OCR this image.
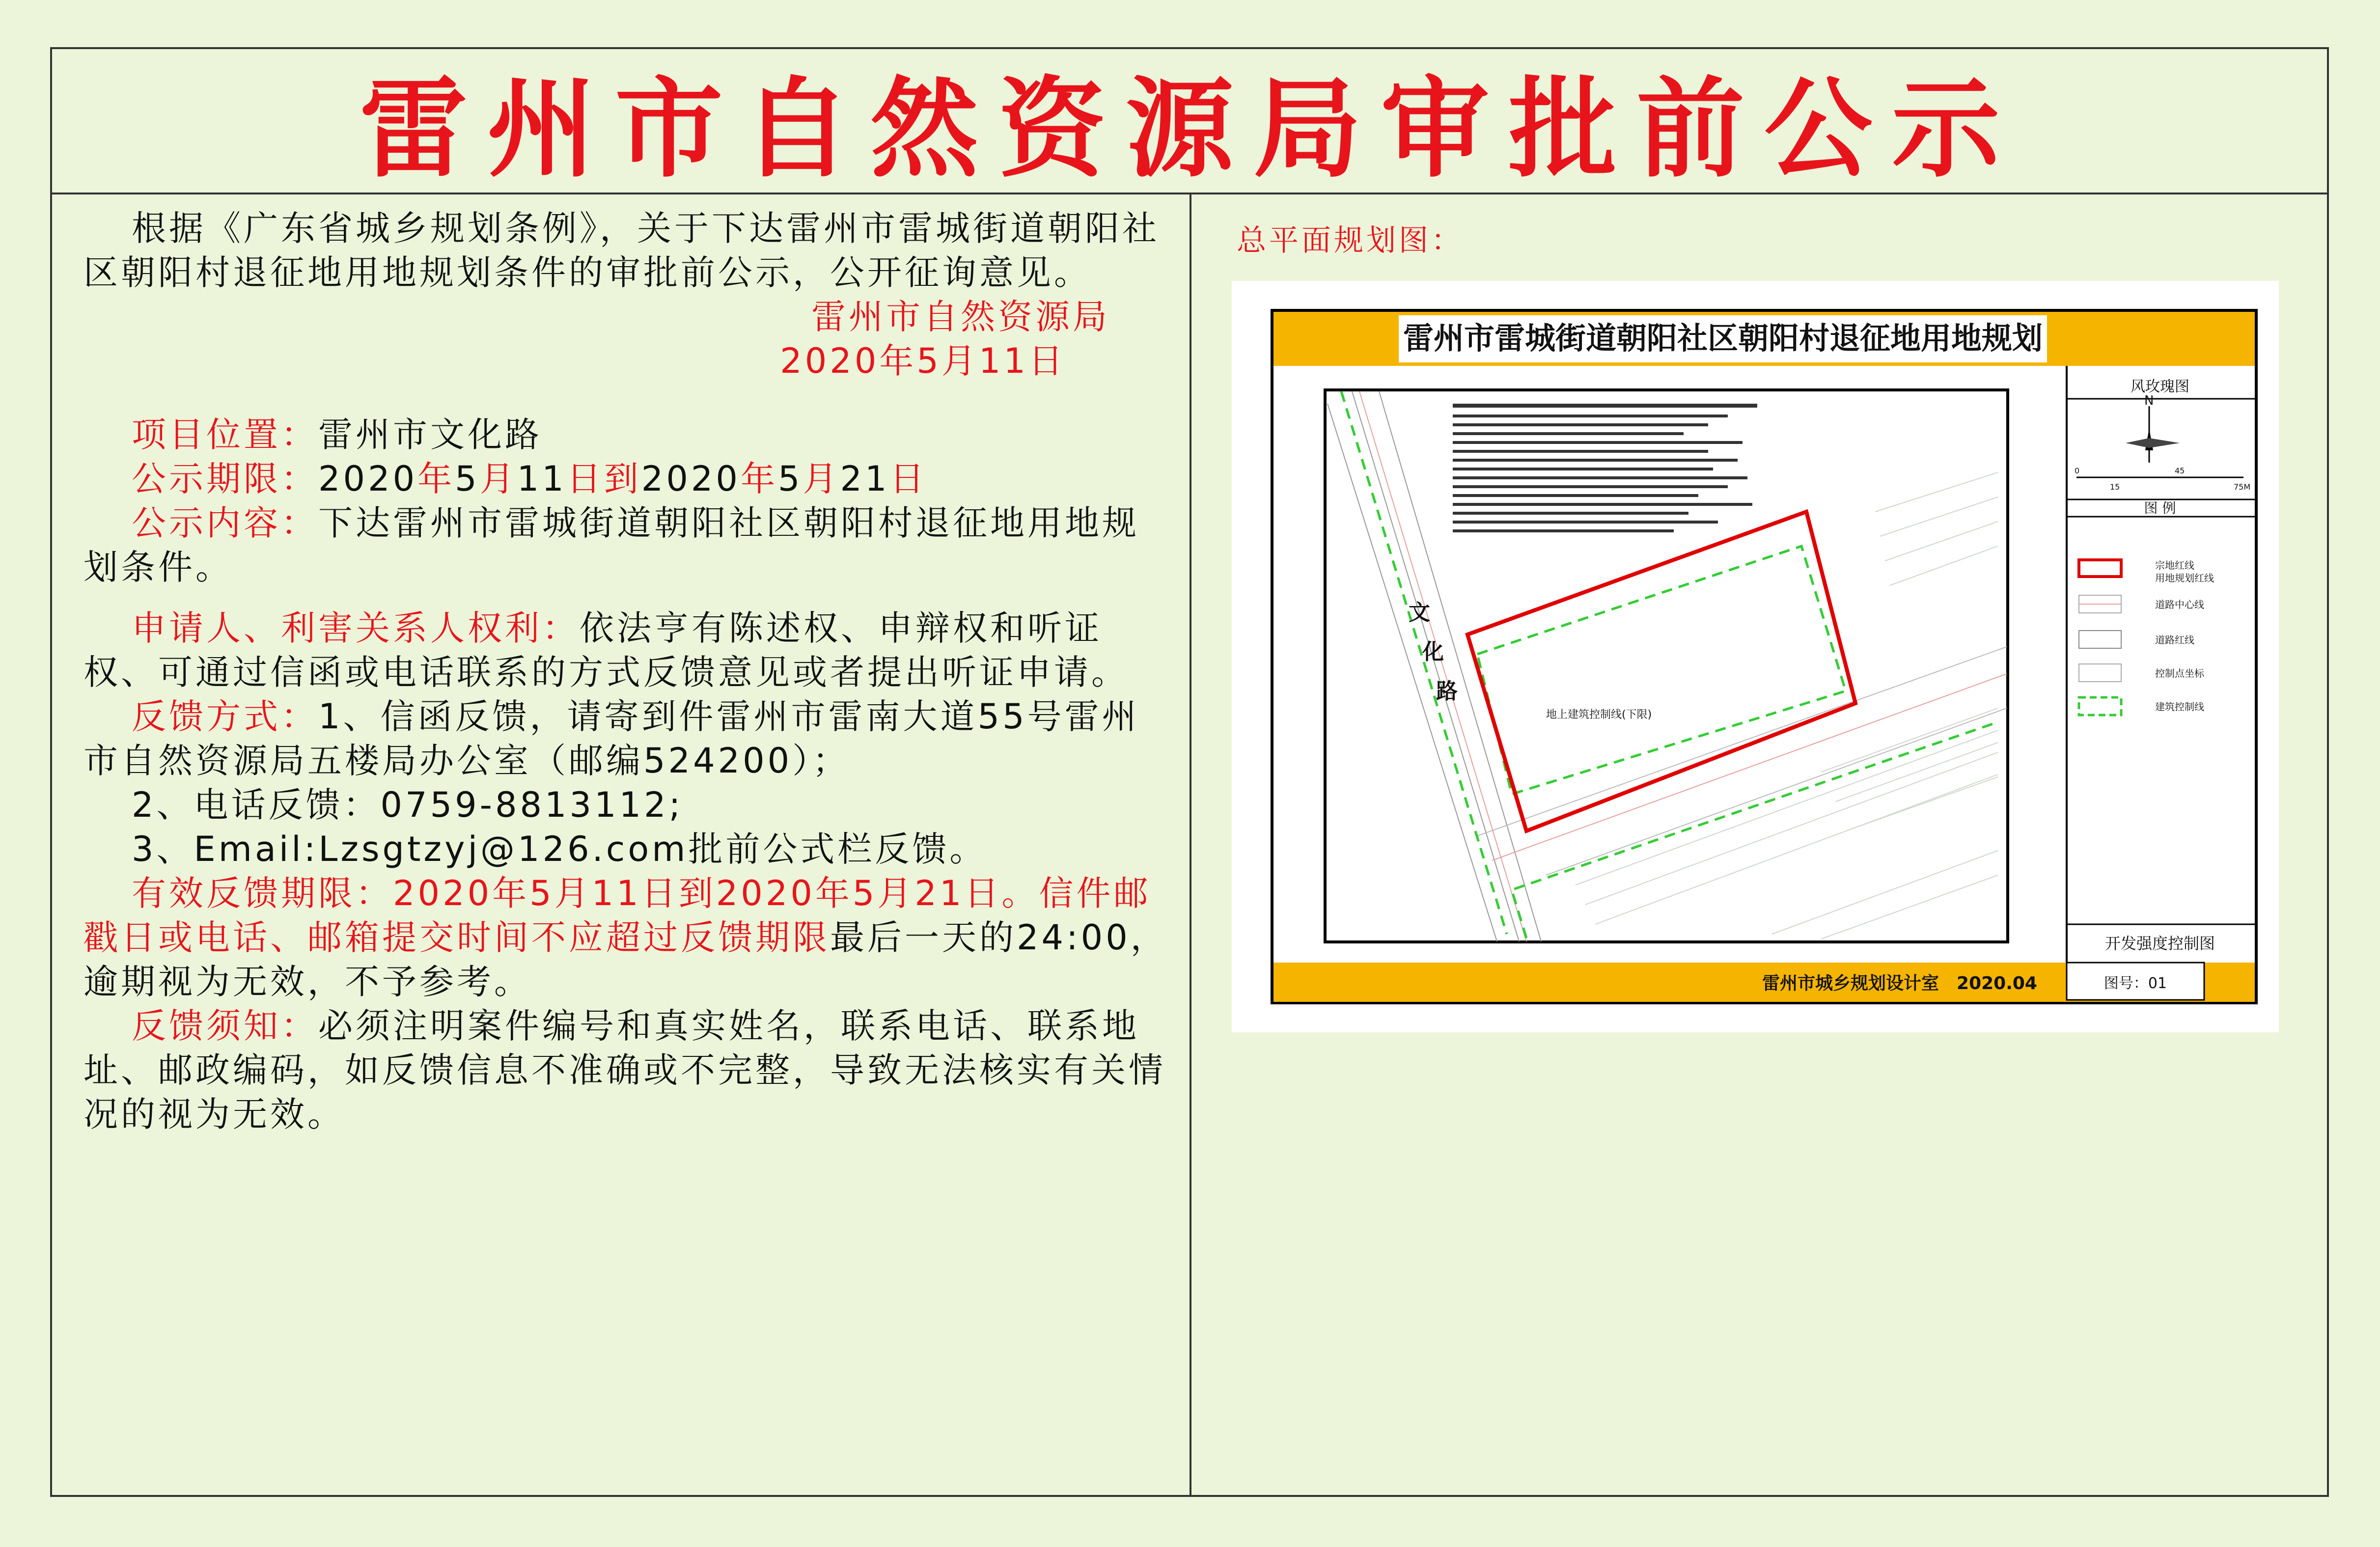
雷州市自然资源局审批前公示

根据《广东省城乡规划条例》，关于下达雷州市雷城街道朝阳社区朝阳村退征地用地规划条件的审批前公示，公开征询意见。

雷州市自然资源局

2020年5月11日

项目位置：雷州市文化路

公示期限：2020年5月11日到2020年5月21日

公示内容：下达雷州市雷城街道朝阳社区朝阳村退征地用地规划条件。

申请人、利害关系人权利：依法亨有陈述权、申辩权和听证权、可通过信函或电话联系的方式反馈意见或者提出听证申请。

反馈方式：1、信函反馈，请寄到件雷州市雷南大道55号雷州市自然资源局五楼局办公室（邮编524200）；

2、电话反馈：0759-8813112;

3、Email:Lzsgtzyj@126.com批前公式栏反馈。

有效反馈期限：2020年5月11日到2020年5月21日。信件邮戳日或电话、邮箱提交时间不应超过反馈期限最后一天的24:00，逾期视为无效，不予参考。

反馈须知：必须注明案件编号和真实姓名，联系电话、联系地址、邮政编码，如反馈信息不准确或不完整，导致无法核实有关情况的视为无效。

总平面规划图：
雷州市雷城街道朝阳社区朝阳村退征地用地规划
雷州市城乡规划设计室　2020.04	图号：01
文
化
路
地上建筑控制线(下限)
风玫瑰图
N
0
15
45
75M
图 例
宗地红线
用地规划红线
道路中心线
道路红线
控制点坐标
建筑控制线
开发强度控制图
